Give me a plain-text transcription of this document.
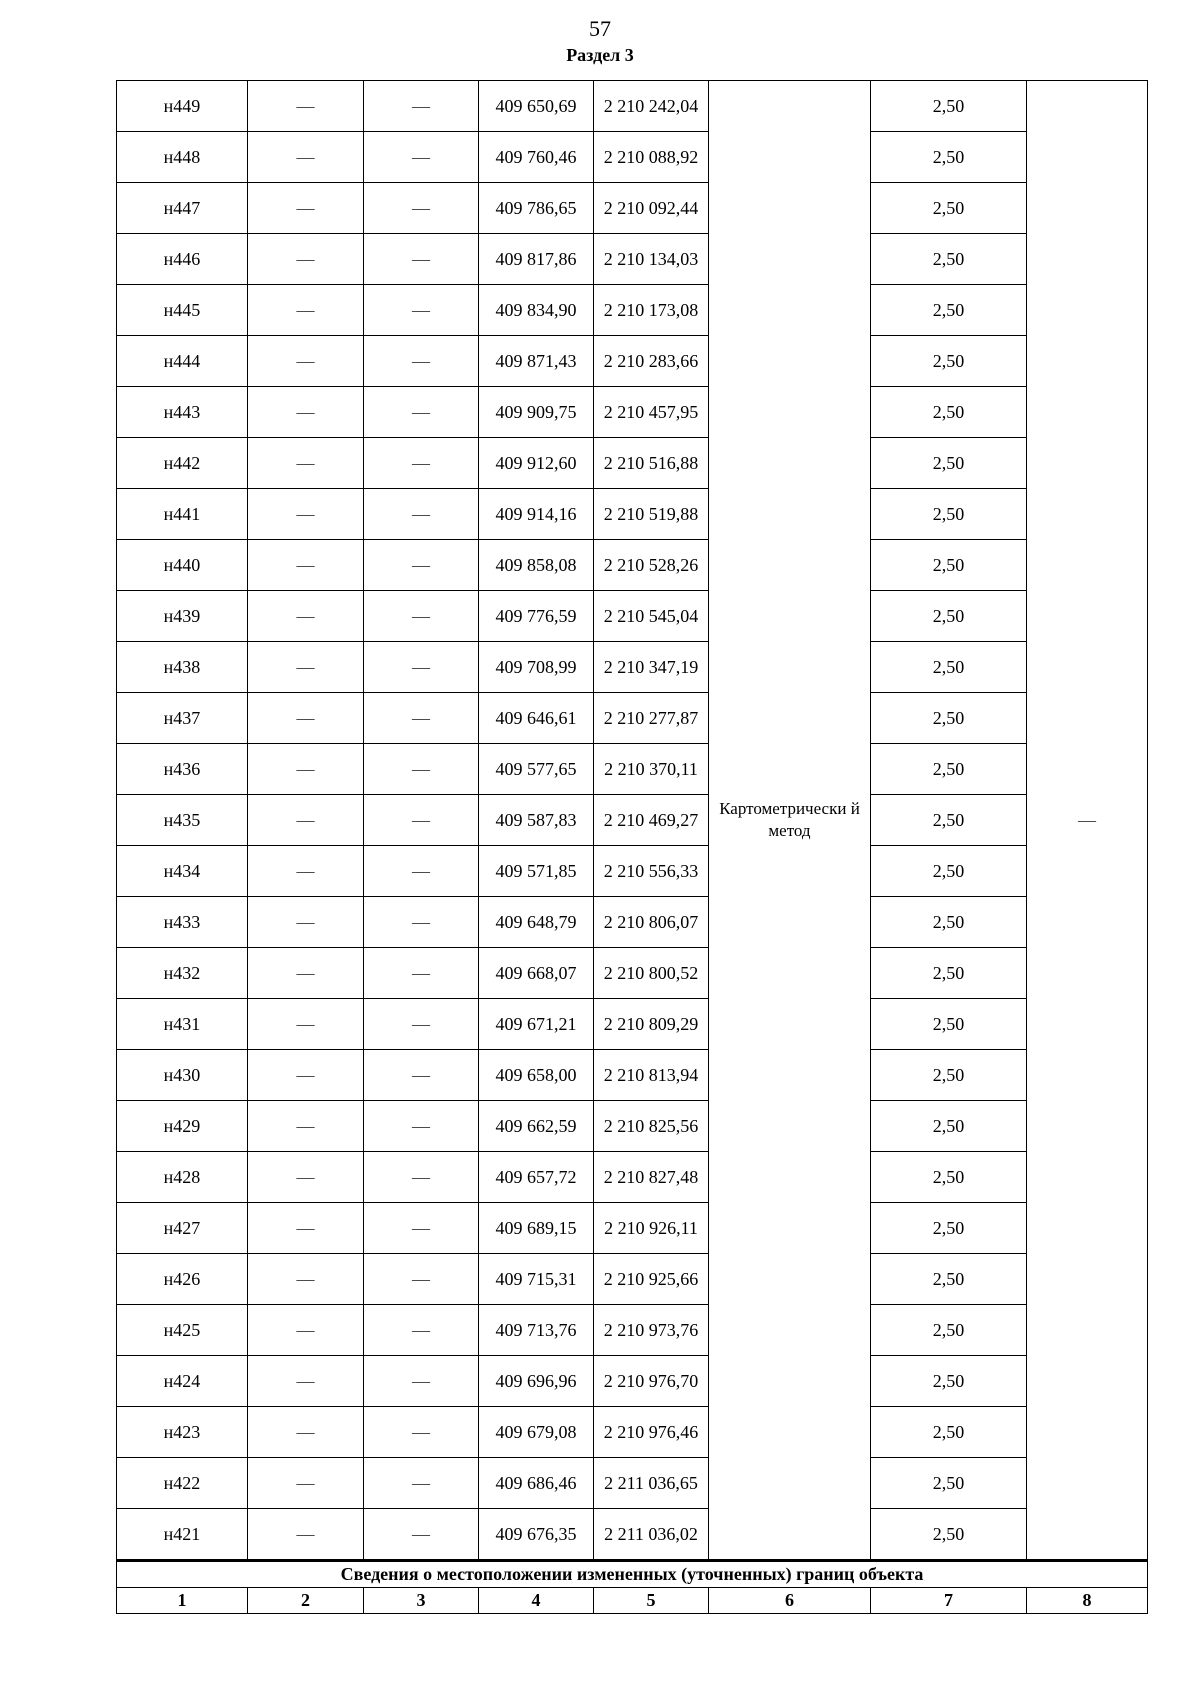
57
Раздел 3
н449	—	—	409 650,69	2 210 242,04	Картометрически й метод	2,50	—
н448	—	—	409 760,46	2 210 088,92		2,50	
н447	—	—	409 786,65	2 210 092,44		2,50	
н446	—	—	409 817,86	2 210 134,03		2,50	
н445	—	—	409 834,90	2 210 173,08		2,50	
н444	—	—	409 871,43	2 210 283,66		2,50	
н443	—	—	409 909,75	2 210 457,95		2,50	
н442	—	—	409 912,60	2 210 516,88		2,50	
н441	—	—	409 914,16	2 210 519,88		2,50	
н440	—	—	409 858,08	2 210 528,26		2,50	
н439	—	—	409 776,59	2 210 545,04		2,50	
н438	—	—	409 708,99	2 210 347,19		2,50	
н437	—	—	409 646,61	2 210 277,87		2,50	
н436	—	—	409 577,65	2 210 370,11		2,50	
н435	—	—	409 587,83	2 210 469,27		2,50	
н434	—	—	409 571,85	2 210 556,33		2,50	
н433	—	—	409 648,79	2 210 806,07		2,50	
н432	—	—	409 668,07	2 210 800,52		2,50	
н431	—	—	409 671,21	2 210 809,29		2,50	
н430	—	—	409 658,00	2 210 813,94		2,50	
н429	—	—	409 662,59	2 210 825,56		2,50	
н428	—	—	409 657,72	2 210 827,48		2,50	
н427	—	—	409 689,15	2 210 926,11		2,50	
н426	—	—	409 715,31	2 210 925,66		2,50	
н425	—	—	409 713,76	2 210 973,76		2,50	
н424	—	—	409 696,96	2 210 976,70		2,50	
н423	—	—	409 679,08	2 210 976,46		2,50	
н422	—	—	409 686,46	2 211 036,65		2,50	
н421	—	—	409 676,35	2 211 036,02		2,50	
Сведения о местоположении измененных (уточненных) границ объекта							
1	2	3	4	5	6	7	8
